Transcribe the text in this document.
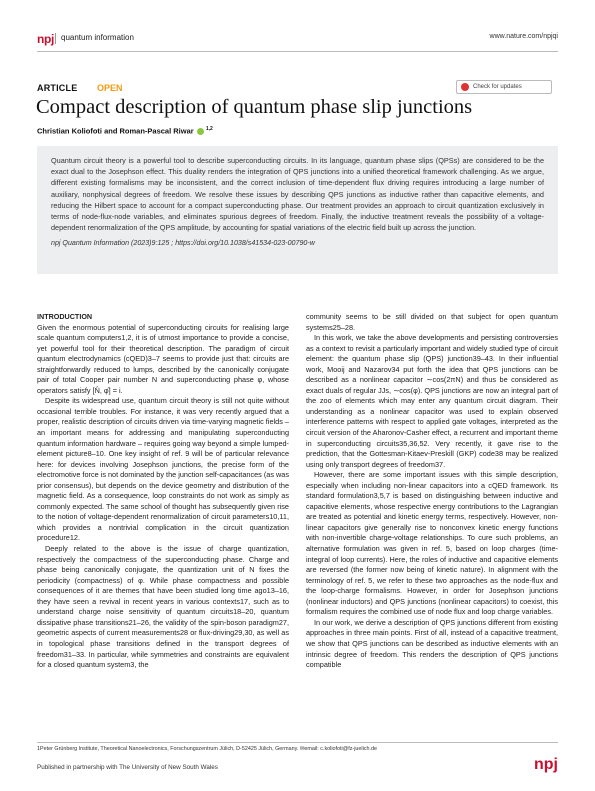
npj quantum information	www.nature.com/npjqi
ARTICLE OPEN	Check for updates
Compact description of quantum phase slip junctions
Christian Koliofoti and Roman-Pascal Riwar $^{1,2}$

Quantum circuit theory is a powerful tool to describe superconducting circuits. In its language, quantum phase slips (QPSs) are considered to be the exact dual to the Josephson effect. This duality renders the integration of QPS junctions into a unified theoretical framework challenging. As we argue, different existing formalisms may be inconsistent, and the correct inclusion of time-dependent flux driving requires introducing a large number of auxiliary, nonphysical degrees of freedom. We resolve these issues by describing QPS junctions as inductive rather than capacitive elements, and reducing the Hilbert space to account for a compact superconducting phase. Our treatment provides an approach to circuit quantization exclusively in terms of node-flux-node variables, and eliminates spurious degrees of freedom. Finally, the inductive treatment reveals the possibility of a voltage-dependent renormalization of the QPS amplitude, by accounting for spatial variations of the electric field built up across the junction.

npj Quantum Information (2023)9:125 ; https://doi.org/10.1038/s41534-023-00790-w

INTRODUCTION

Given the enormous potential of superconducting circuits for realising large scale quantum computers1,2, it is of utmost importance to provide a concise, yet powerful tool for their theoretical description. The paradigm of circuit quantum electrodynamics (cQED)3–7 seems to provide just that: circuits are straightforwardly reduced to lumps, described by the canonically conjugate pair of total Cooper pair number N and superconducting phase φ, whose operators satisfy [N̂, φ̂] = i.

Despite its widespread use, quantum circuit theory is still not quite without occasional terrible troubles. For instance, it was very recently argued that a proper, realistic description of circuits driven via time-varying magnetic fields – an important means for addressing and manipulating superconducting quantum information hardware – requires going way beyond a simple lumped-element picture8–10. One key insight of ref. 9 will be of particular relevance here: for devices involving Josephson junctions, the precise form of the electromotive force is not dominated by the junction self-capacitances (as was prior consensus), but depends on the device geometry and distribution of the magnetic field. As a consequence, loop constraints do not work as simply as commonly expected. The same school of thought has subsequently given rise to the notion of voltage-dependent renormalization of circuit parameters10,11, which provides a nontrivial complication in the circuit quantization procedure12.

Deeply related to the above is the issue of charge quantization, respectively the compactness of the superconducting phase. Charge and phase being canonically conjugate, the quantization unit of N fixes the periodicity (compactness) of φ. While phase compactness and possible consequences of it are themes that have been studied long time ago13–16, they have seen a revival in recent years in various contexts17, such as to understand charge noise sensitivity of quantum circuits18–20, quantum dissipative phase transitions21–26, the validity of the spin-boson paradigm27, geometric aspects of current measurements28 or flux-driving29,30, as well as in topological phase transitions defined in the transport degrees of freedom31–33. In particular, while symmetries and constraints are equivalent for a closed quantum system3, the

community seems to be still divided on that subject for open quantum systems25–28.

In this work, we take the above developments and persisting controversies as a context to revisit a particularly important and widely studied type of circuit element: the quantum phase slip (QPS) junction39–43. In their influential work, Mooij and Nazarov34 put forth the idea that QPS junctions can be described as a nonlinear capacitor ∼cos(2πN) and thus be considered as exact duals of regular JJs, ∼cos(φ). QPS junctions are now an integral part of the zoo of elements which may enter any quantum circuit diagram. Their understanding as a nonlinear capacitor was used to explain observed interference patterns with respect to applied gate voltages, interpreted as the circuit version of the Aharonov-Casher effect, a recurrent and important theme in superconducting circuits35,36,52. Very recently, it gave rise to the prediction, that the Gottesman-Kitaev-Preskill (GKP) code38 may be realized using only transport degrees of freedom37.

However, there are some important issues with this simple description, especially when including non-linear capacitors into a cQED framework. Its standard formulation3,5,7 is based on distinguishing between inductive and capacitive elements, whose respective energy contributions to the Lagrangian are treated as potential and kinetic energy terms, respectively. However, non-linear capacitors give generally rise to nonconvex kinetic energy functions with non-invertible charge-voltage relationships. To cure such problems, an alternative formulation was given in ref. 5, based on loop charges (time-integral of loop currents). Here, the roles of inductive and capacitive elements are reversed (the former now being of kinetic nature). In alignment with the terminology of ref. 5, we refer to these two approaches as the node-flux and the loop-charge formalisms. However, in order for Josephson junctions (nonlinear inductors) and QPS junctions (nonlinear capacitors) to coexist, this formalism requires the combined use of node flux and loop charge variables.

In our work, we derive a description of QPS junctions different from existing approaches in three main points. First of all, instead of a capacitive treatment, we show that QPS junctions can be described as inductive elements with an intrinsic degree of freedom. This renders the description of QPS junctions compatible

1Peter Grünberg Institute, Theoretical Nanoelectronics, Forschungszentrum Jülich, D-52425 Jülich, Germany. ✉email: c.koliofoti@fz-juelich.de
Published in partnership with The University of New South Wales	npj
